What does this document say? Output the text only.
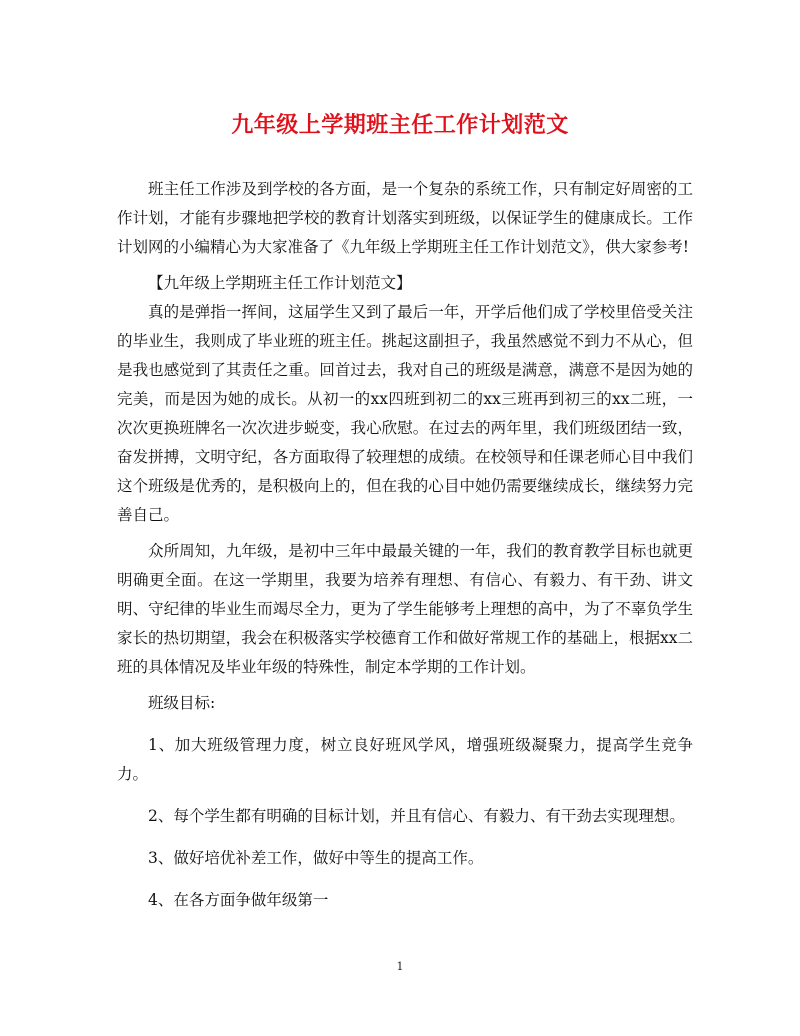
九年级上学期班主任工作计划范文

班主任工作涉及到学校的各方面，是一个复杂的系统工作，只有制定好周密的工作计划，才能有步骤地把学校的教育计划落实到班级，以保证学生的健康成长。工作计划网的小编精心为大家准备了《九年级上学期班主任工作计划范文》，供大家参考!

【九年级上学期班主任工作计划范文】

真的是弹指一挥间，这届学生又到了最后一年，开学后他们成了学校里倍受关注的毕业生，我则成了毕业班的班主任。挑起这副担子，我虽然感觉不到力不从心，但是我也感觉到了其责任之重。回首过去，我对自己的班级是满意，满意不是因为她的完美，而是因为她的成长。从初一的xx四班到初二的xx三班再到初三的xx二班，一次次更换班牌名一次次进步蜕变，我心欣慰。在过去的两年里，我们班级团结一致，奋发拼搏，文明守纪，各方面取得了较理想的成绩。在校领导和任课老师心目中我们这个班级是优秀的，是积极向上的，但在我的心目中她仍需要继续成长，继续努力完善自己。

众所周知，九年级，是初中三年中最最关键的一年，我们的教育教学目标也就更明确更全面。在这一学期里，我要为培养有理想、有信心、有毅力、有干劲、讲文明、守纪律的毕业生而竭尽全力，更为了学生能够考上理想的高中，为了不辜负学生家长的热切期望，我会在积极落实学校德育工作和做好常规工作的基础上，根据xx二班的具体情况及毕业年级的特殊性，制定本学期的工作计划。

班级目标:

1、加大班级管理力度，树立良好班风学风，增强班级凝聚力，提高学生竞争力。

2、每个学生都有明确的目标计划，并且有信心、有毅力、有干劲去实现理想。

3、做好培优补差工作，做好中等生的提高工作。

4、在各方面争做年级第一

1
